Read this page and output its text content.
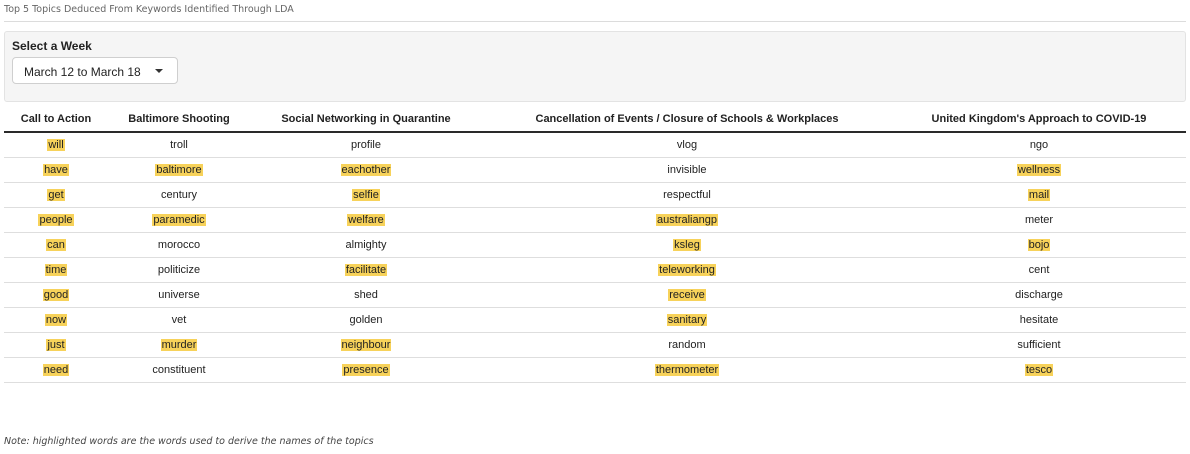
Top 5 Topics Deduced From Keywords Identified Through LDA
Select a Week
March 12 to March 18
Call to Action	Baltimore Shooting	Social Networking in Quarantine	Cancellation of Events / Closure of Schools & Workplaces	United Kingdom's Approach to COVID-19
will	troll	profile	vlog	ngo
have	baltimore	eachother	invisible	wellness
get	century	selfie	respectful	mail
people	paramedic	welfare	australiangp	meter
can	morocco	almighty	ksleg	bojo
time	politicize	facilitate	teleworking	cent
good	universe	shed	receive	discharge
now	vet	golden	sanitary	hesitate
just	murder	neighbour	random	sufficient
need	constituent	presence	thermometer	tesco
Note: highlighted words are the words used to derive the names of the topics
